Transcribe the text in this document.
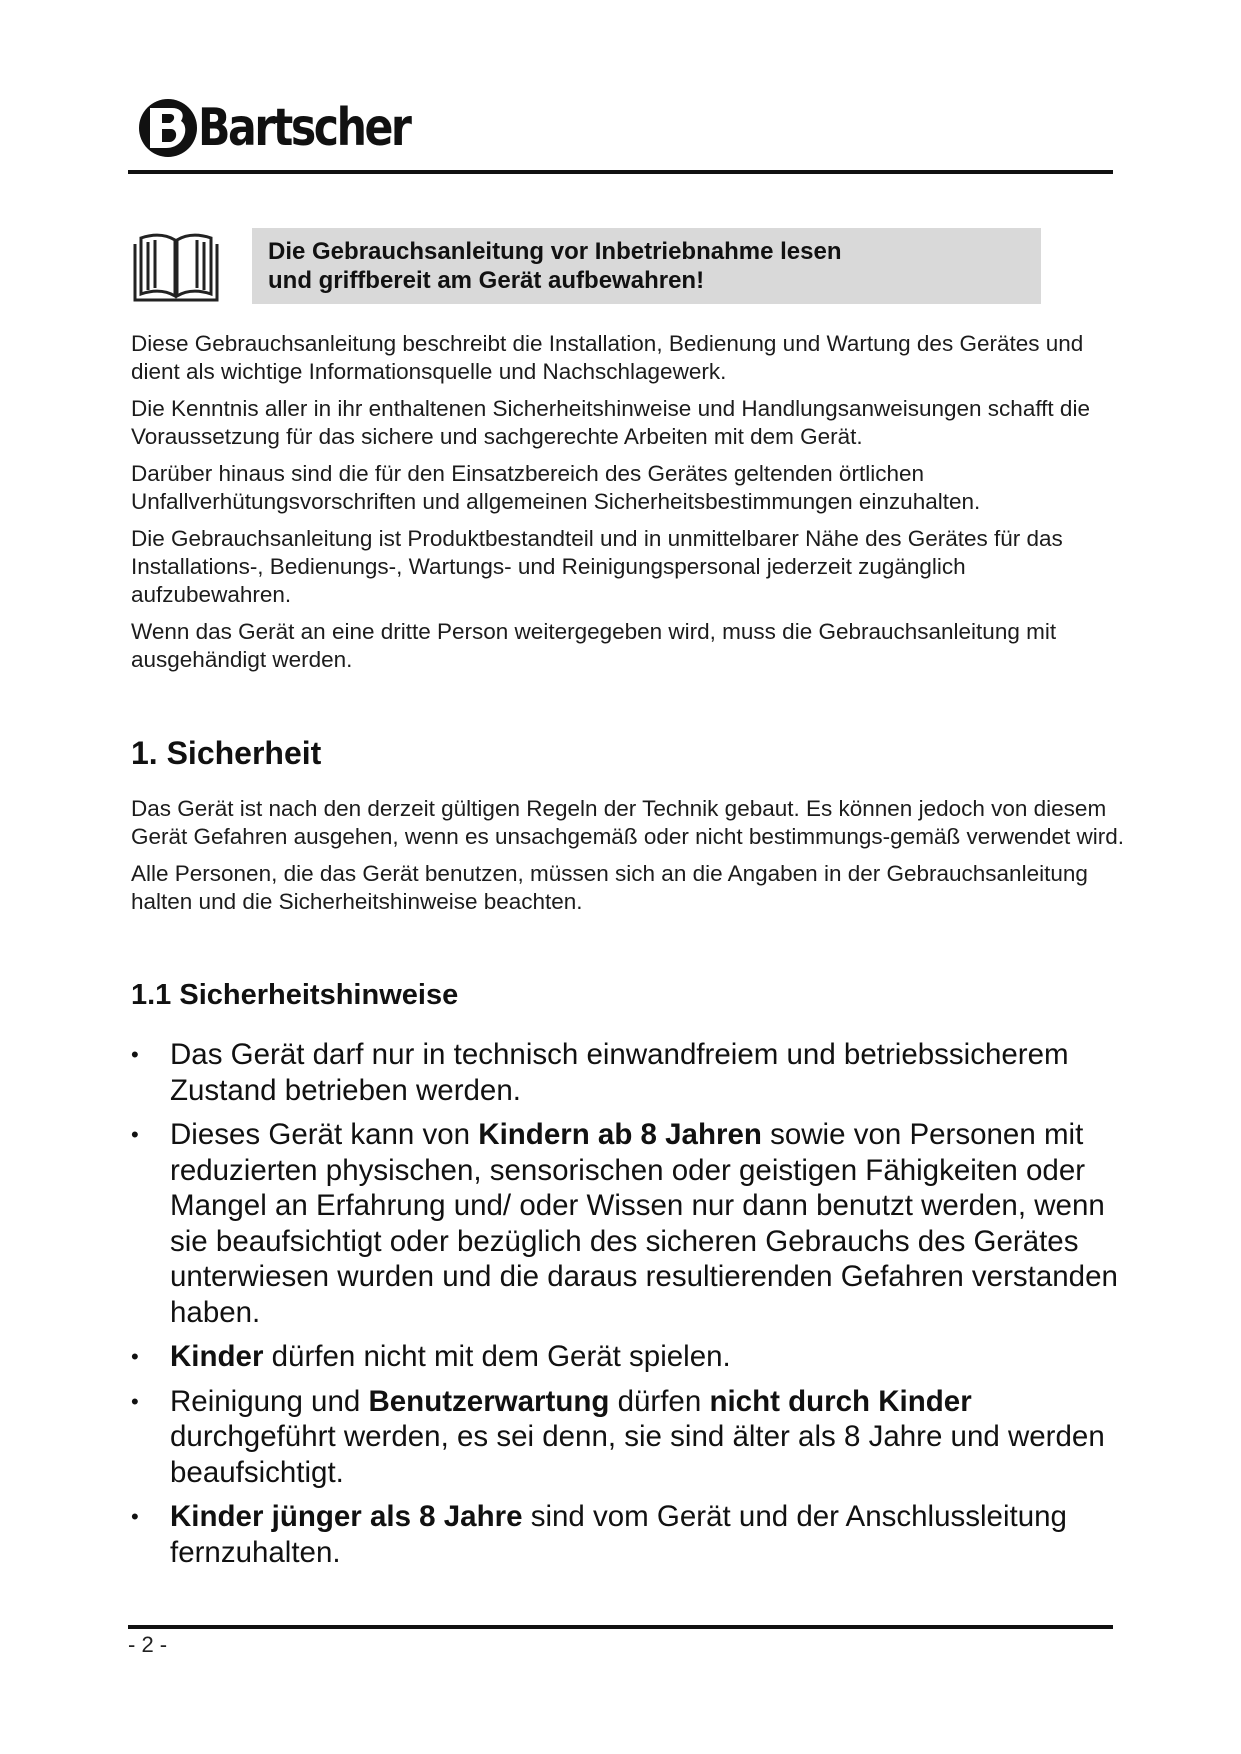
Bartscher
Die Gebrauchsanleitung vor Inbetriebnahme lesen
und griffbereit am Gerät aufbewahren!

Diese Gebrauchsanleitung beschreibt die Installation, Bedienung und Wartung des Gerätes und dient als wichtige Informationsquelle und Nachschlagewerk.

Die Kenntnis aller in ihr enthaltenen Sicherheitshinweise und Handlungsanweisungen schafft die Voraussetzung für das sichere und sachgerechte Arbeiten mit dem Gerät.

Darüber hinaus sind die für den Einsatzbereich des Gerätes geltenden örtlichen Unfallverhütungsvorschriften und allgemeinen Sicherheitsbestimmungen einzuhalten.

Die Gebrauchsanleitung ist Produktbestandteil und in unmittelbarer Nähe des Gerätes für das Installations-, Bedienungs-, Wartungs- und Reinigungspersonal jederzeit zugänglich aufzubewahren.

Wenn das Gerät an eine dritte Person weitergegeben wird, muss die Gebrauchsanleitung mit ausgehändigt werden.

1. Sicherheit

Das Gerät ist nach den derzeit gültigen Regeln der Technik gebaut. Es können jedoch von diesem Gerät Gefahren ausgehen, wenn es unsachgemäß oder nicht bestimmungs-gemäß verwendet wird.

Alle Personen, die das Gerät benutzen, müssen sich an die Angaben in der Gebrauchsanleitung halten und die Sicherheitshinweise beachten.

1.1 Sicherheitshinweise
• Das Gerät darf nur in technisch einwandfreiem und betriebssicherem Zustand betrieben werden.
• Dieses Gerät kann von Kindern ab 8 Jahren sowie von Personen mit reduzierten physischen, sensorischen oder geistigen Fähigkeiten oder Mangel an Erfahrung und/ oder Wissen nur dann benutzt werden, wenn sie beaufsichtigt oder bezüglich des sicheren Gebrauchs des Gerätes unterwiesen wurden und die daraus resultierenden Gefahren verstanden haben.
• Kinder dürfen nicht mit dem Gerät spielen.
• Reinigung und Benutzerwartung dürfen nicht durch Kinder durchgeführt werden, es sei denn, sie sind älter als 8 Jahre und werden beaufsichtigt.
• Kinder jünger als 8 Jahre sind vom Gerät und der Anschlussleitung fernzuhalten.
- 2 -
